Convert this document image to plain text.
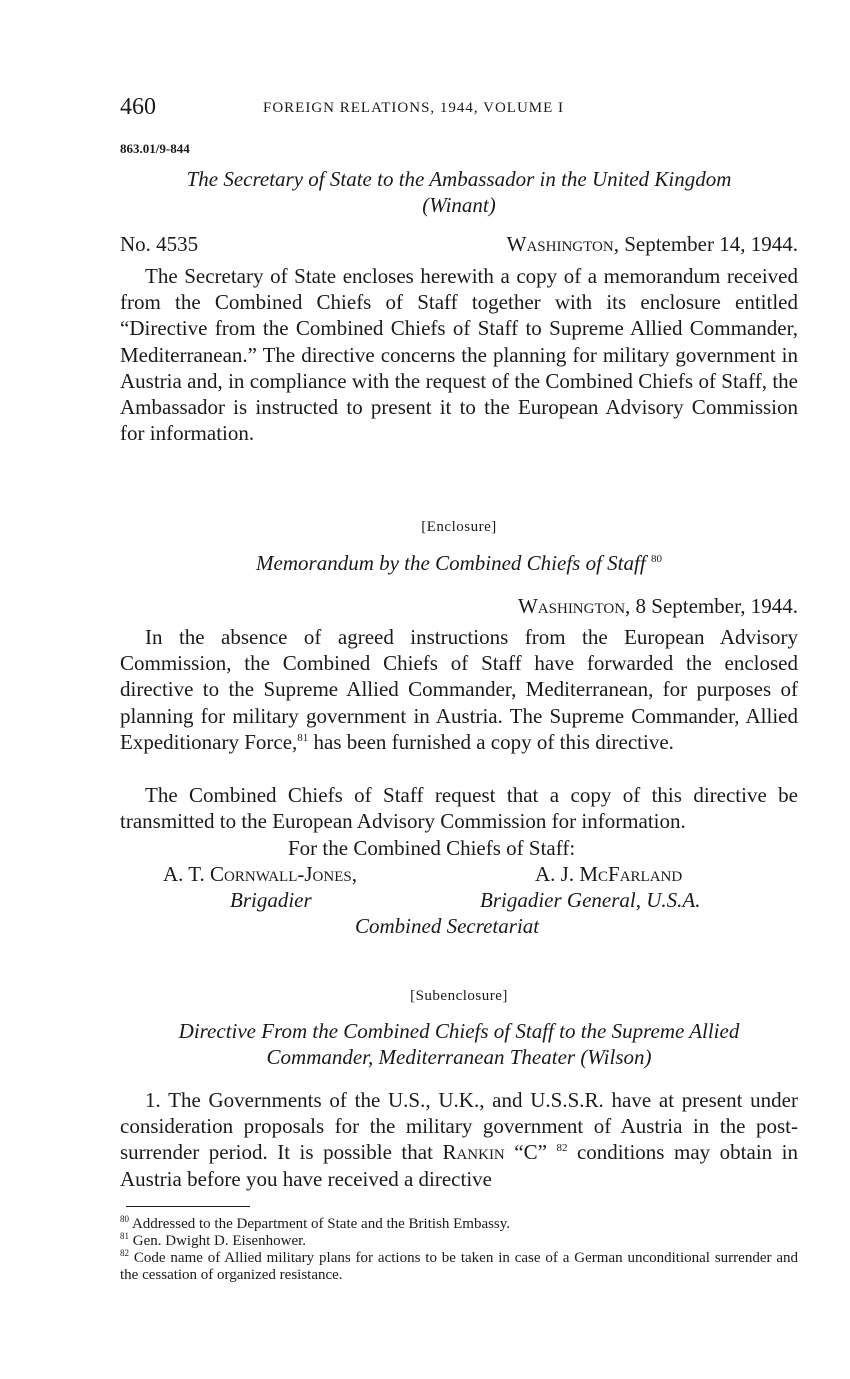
460	FOREIGN RELATIONS, 1944, VOLUME I
863.01/9-844
The Secretary of State to the Ambassador in the United Kingdom
(Winant)
No. 4535	Washington, September 14, 1944.
The Secretary of State encloses herewith a copy of a memorandum received from the Combined Chiefs of Staff together with its enclosure entitled “Directive from the Combined Chiefs of Staff to Supreme Allied Commander, Mediterranean.” The directive concerns the planning for military government in Austria and, in compliance with the request of the Combined Chiefs of Staff, the Ambassador is instructed to present it to the European Advisory Commission for information.
[Enclosure]
Memorandum by the Combined Chiefs of Staff $^{80}$
Washington, 8 September, 1944.
In the absence of agreed instructions from the European Advisory Commission, the Combined Chiefs of Staff have forwarded the enclosed directive to the Supreme Allied Commander, Mediterranean, for purposes of planning for military government in Austria. The Supreme Commander, Allied Expeditionary Force,$^{81}$ has been furnished a copy of this directive.
The Combined Chiefs of Staff request that a copy of this directive be transmitted to the European Advisory Commission for information.
For the Combined Chiefs of Staff:
A. T. Cornwall-Jones,	A. J. McFarland
Brigadier	Brigadier General, U.S.A.
Combined Secretariat
[Subenclosure]
Directive From the Combined Chiefs of Staff to the Supreme Allied
Commander, Mediterranean Theater (Wilson)
1. The Governments of the U.S., U.K., and U.S.S.R. have at present under consideration proposals for the military government of Austria in the post-surrender period. It is possible that Rankin “C” $^{82}$ conditions may obtain in Austria before you have received a directive
$^{80}$ Addressed to the Department of State and the British Embassy.
$^{81}$ Gen. Dwight D. Eisenhower.
$^{82}$ Code name of Allied military plans for actions to be taken in case of a German unconditional surrender and the cessation of organized resistance.
